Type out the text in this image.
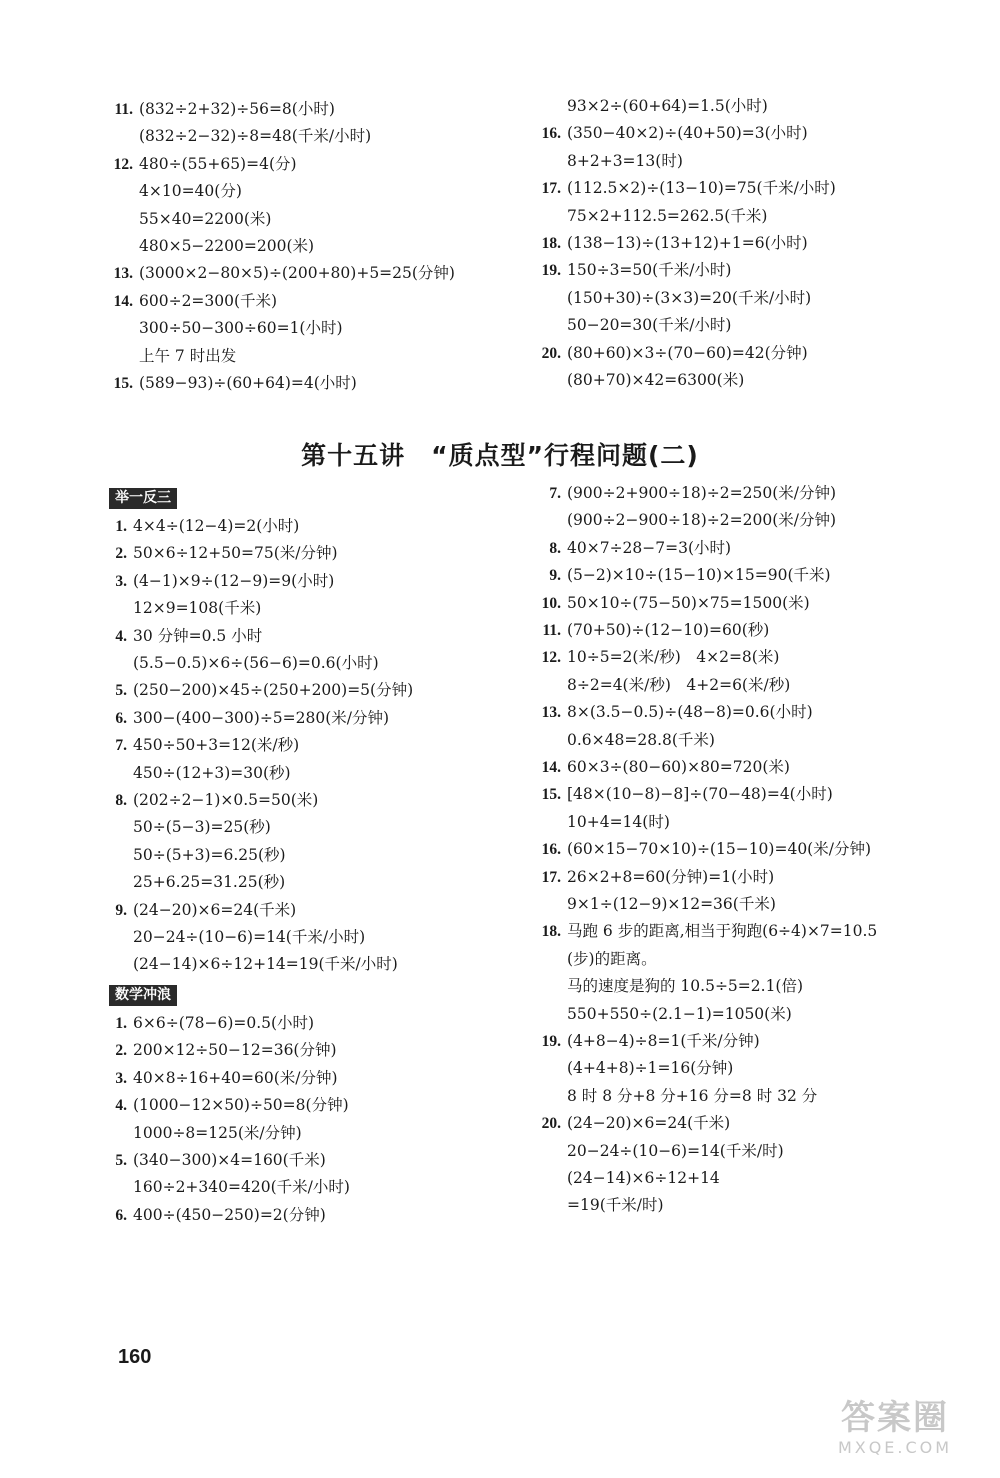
11. (832÷2+32)÷56=8(小时)
(832÷2−32)÷8=48(千米/小时)
12. 480÷(55+65)=4(分)
4×10=40(分)
55×40=2200(米)
480×5−2200=200(米)
13. (3000×2−80×5)÷(200+80)+5=25(分钟)
14. 600÷2=300(千米)
300÷50−300÷60=1(小时)
上午 7 时出发
15. (589−93)÷(60+64)=4(小时)
93×2÷(60+64)=1.5(小时)
16. (350−40×2)÷(40+50)=3(小时)
8+2+3=13(时)
17. (112.5×2)÷(13−10)=75(千米/小时)
75×2+112.5=262.5(千米)
18. (138−13)÷(13+12)+1=6(小时)
19. 150÷3=50(千米/小时)
(150+30)÷(3×3)=20(千米/小时)
50−20=30(千米/小时)
20. (80+60)×3÷(70−60)=42(分钟)
(80+70)×42=6300(米)
第十五讲　“质点型”行程问题(二)
举一反三
1. 4×4÷(12−4)=2(小时)
2. 50×6÷12+50=75(米/分钟)
3. (4−1)×9÷(12−9)=9(小时)
12×9=108(千米)
4. 30 分钟=0.5 小时
(5.5−0.5)×6÷(56−6)=0.6(小时)
5. (250−200)×45÷(250+200)=5(分钟)
6. 300−(400−300)÷5=280(米/分钟)
7. 450÷50+3=12(米/秒)
450÷(12+3)=30(秒)
8. (202÷2−1)×0.5=50(米)
50÷(5−3)=25(秒)
50÷(5+3)=6.25(秒)
25+6.25=31.25(秒)
9. (24−20)×6=24(千米)
20−24÷(10−6)=14(千米/小时)
(24−14)×6÷12+14=19(千米/小时)
数学冲浪
1. 6×6÷(78−6)=0.5(小时)
2. 200×12÷50−12=36(分钟)
3. 40×8÷16+40=60(米/分钟)
4. (1000−12×50)÷50=8(分钟)
1000÷8=125(米/分钟)
5. (340−300)×4=160(千米)
160÷2+340=420(千米/小时)
6. 400÷(450−250)=2(分钟)
7. (900÷2+900÷18)÷2=250(米/分钟)
(900÷2−900÷18)÷2=200(米/分钟)
8. 40×7÷28−7=3(小时)
9. (5−2)×10÷(15−10)×15=90(千米)
10. 50×10÷(75−50)×75=1500(米)
11. (70+50)÷(12−10)=60(秒)
12. 10÷5=2(米/秒)　4×2=8(米)
8÷2=4(米/秒)　4+2=6(米/秒)
13. 8×(3.5−0.5)÷(48−8)=0.6(小时)
0.6×48=28.8(千米)
14. 60×3÷(80−60)×80=720(米)
15. [48×(10−8)−8]÷(70−48)=4(小时)
10+4=14(时)
16. (60×15−70×10)÷(15−10)=40(米/分钟)
17. 26×2+8=60(分钟)=1(小时)
9×1÷(12−9)×12=36(千米)
18. 马跑 6 步的距离,相当于狗跑(6÷4)×7=10.5
(步)的距离。
马的速度是狗的 10.5÷5=2.1(倍)
550+550÷(2.1−1)=1050(米)
19. (4+8−4)÷8=1(千米/分钟)
(4+4+8)÷1=16(分钟)
8 时 8 分+8 分+16 分=8 时 32 分
20. (24−20)×6=24(千米)
20−24÷(10−6)=14(千米/时)
(24−14)×6÷12+14
=19(千米/时)
160
答案圈
MXQE.COM
